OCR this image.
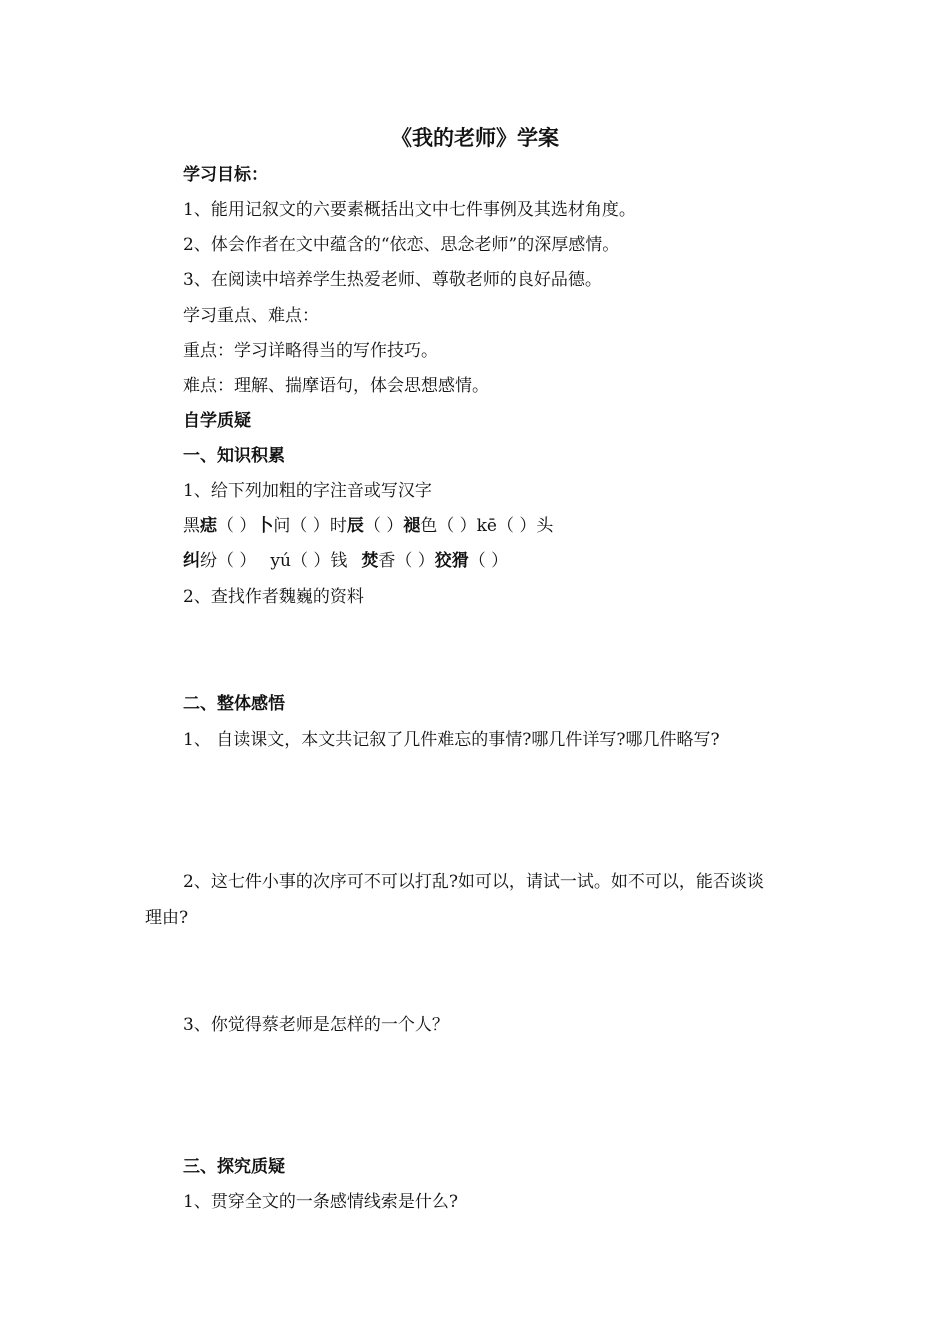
《我的老师》学案
学习目标：
1、能用记叙文的六要素概括出文中七件事例及其选材角度。
2、体会作者在文中蕴含的“依恋、思念老师”的深厚感情。
3、在阅读中培养学生热爱老师、尊敬老师的良好品德。
学习重点、难点：
重点：学习详略得当的写作技巧。
难点：理解、揣摩语句，体会思想感情。
自学质疑
一、知识积累
1、给下列加粗的字注音或写汉字
黑痣（ ）卜问（ ）时辰（ ）褪色（ ）kē（ ）头
纠纷（ ） yú（ ）钱 焚香（ ）狡猾（ ）
2、查找作者魏巍的资料
二、整体感悟
1、 自读课文，本文共记叙了几件难忘的事情?哪几件详写?哪几件略写?
2、这七件小事的次序可不可以打乱?如可以，请试一试。如不可以，能否谈谈
理由?
3、你觉得蔡老师是怎样的一个人？
三、探究质疑
1、贯穿全文的一条感情线索是什么?
